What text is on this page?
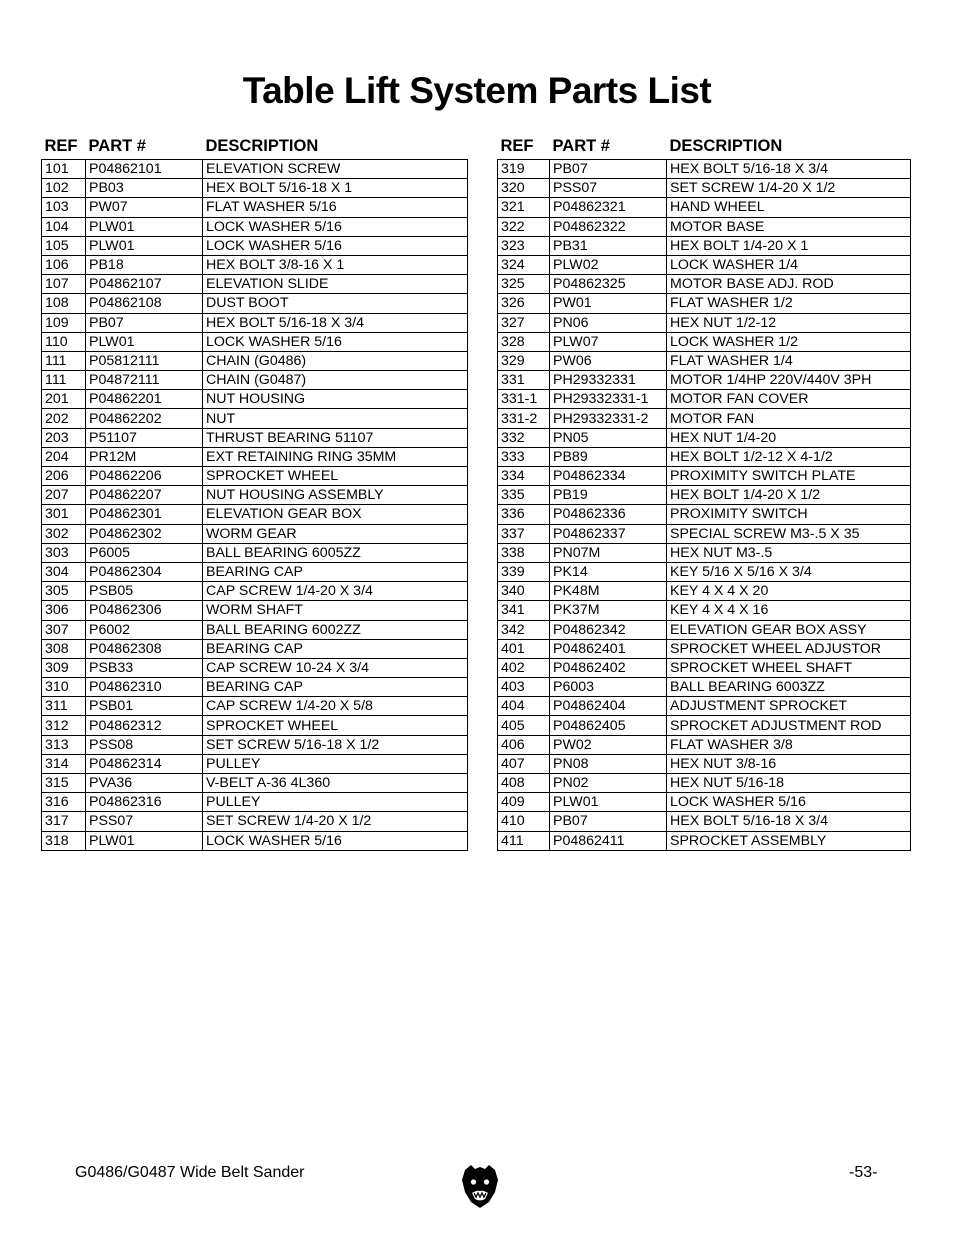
Table Lift System Parts List
REF	PART #	DESCRIPTION
101	P04862101	ELEVATION SCREW
102	PB03	HEX BOLT 5/16-18 X 1
103	PW07	FLAT WASHER 5/16
104	PLW01	LOCK WASHER 5/16
105	PLW01	LOCK WASHER 5/16
106	PB18	HEX BOLT 3/8-16 X 1
107	P04862107	ELEVATION SLIDE
108	P04862108	DUST BOOT
109	PB07	HEX BOLT 5/16-18 X 3/4
110	PLW01	LOCK WASHER 5/16
111	P05812111	CHAIN (G0486)
111	P04872111	CHAIN (G0487)
201	P04862201	NUT HOUSING
202	P04862202	NUT
203	P51107	THRUST BEARING 51107
204	PR12M	EXT RETAINING RING 35MM
206	P04862206	SPROCKET WHEEL
207	P04862207	NUT HOUSING ASSEMBLY
301	P04862301	ELEVATION GEAR BOX
302	P04862302	WORM GEAR
303	P6005	BALL BEARING 6005ZZ
304	P04862304	BEARING CAP
305	PSB05	CAP SCREW 1/4-20 X 3/4
306	P04862306	WORM SHAFT
307	P6002	BALL BEARING 6002ZZ
308	P04862308	BEARING CAP
309	PSB33	CAP SCREW 10-24 X 3/4
310	P04862310	BEARING CAP
311	PSB01	CAP SCREW 1/4-20 X 5/8
312	P04862312	SPROCKET WHEEL
313	PSS08	SET SCREW 5/16-18 X 1/2
314	P04862314	PULLEY
315	PVA36	V-BELT A-36 4L360
316	P04862316	PULLEY
317	PSS07	SET SCREW 1/4-20 X 1/2
318	PLW01	LOCK WASHER 5/16
REF	PART #	DESCRIPTION
319	PB07	HEX BOLT 5/16-18 X 3/4
320	PSS07	SET SCREW 1/4-20 X 1/2
321	P04862321	HAND WHEEL
322	P04862322	MOTOR BASE
323	PB31	HEX BOLT 1/4-20 X 1
324	PLW02	LOCK WASHER 1/4
325	P04862325	MOTOR BASE ADJ. ROD
326	PW01	FLAT WASHER 1/2
327	PN06	HEX NUT 1/2-12
328	PLW07	LOCK WASHER 1/2
329	PW06	FLAT WASHER 1/4
331	PH29332331	MOTOR 1/4HP 220V/440V 3PH
331-1	PH29332331-1	MOTOR FAN COVER
331-2	PH29332331-2	MOTOR FAN
332	PN05	HEX NUT 1/4-20
333	PB89	HEX BOLT 1/2-12 X 4-1/2
334	P04862334	PROXIMITY SWITCH PLATE
335	PB19	HEX BOLT 1/4-20 X 1/2
336	P04862336	PROXIMITY SWITCH
337	P04862337	SPECIAL SCREW M3-.5 X 35
338	PN07M	HEX NUT M3-.5
339	PK14	KEY 5/16 X 5/16 X 3/4
340	PK48M	KEY 4 X 4 X 20
341	PK37M	KEY 4 X 4 X 16
342	P04862342	ELEVATION GEAR BOX ASSY
401	P04862401	SPROCKET WHEEL ADJUSTOR
402	P04862402	SPROCKET WHEEL SHAFT
403	P6003	BALL BEARING 6003ZZ
404	P04862404	ADJUSTMENT SPROCKET
405	P04862405	SPROCKET ADJUSTMENT ROD
406	PW02	FLAT WASHER 3/8
407	PN08	HEX NUT 3/8-16
408	PN02	HEX NUT 5/16-18
409	PLW01	LOCK WASHER 5/16
410	PB07	HEX BOLT 5/16-18 X 3/4
411	P04862411	SPROCKET ASSEMBLY
G0486/G0487 Wide Belt Sander	-53-
